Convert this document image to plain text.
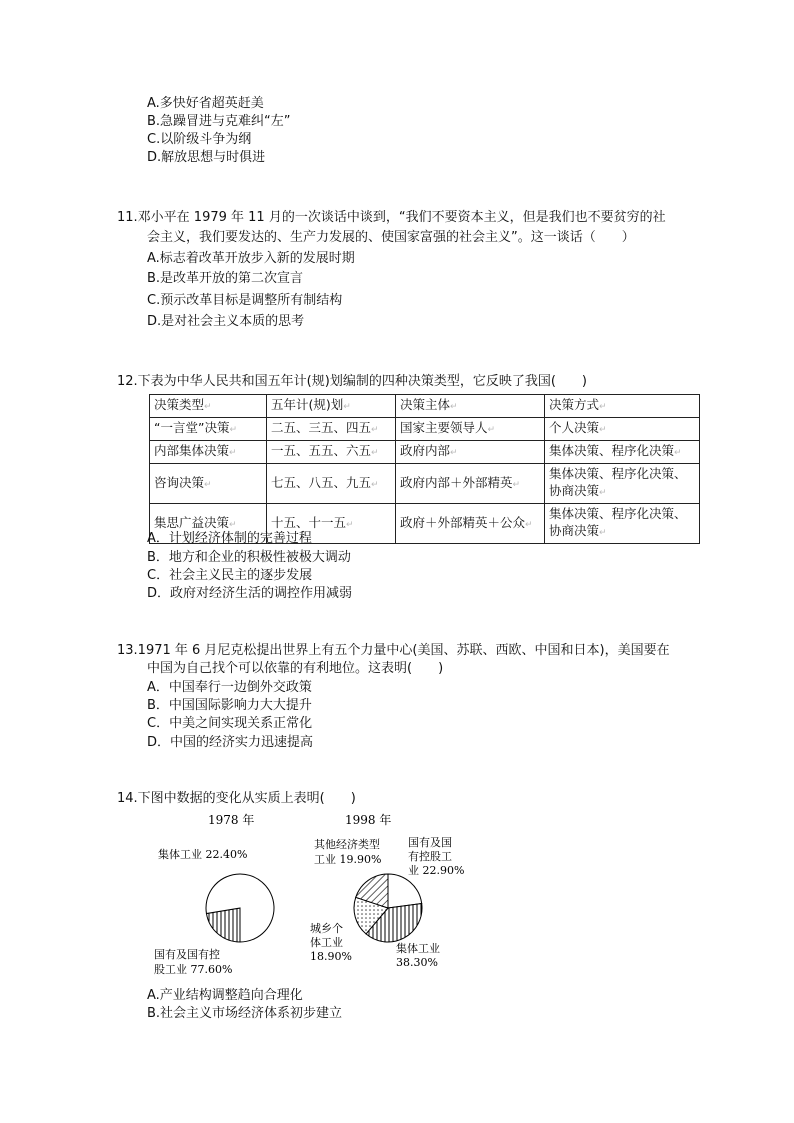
A.多快好省超英赶美
B.急躁冒进与克难纠“左”
C.以阶级斗争为纲
D.解放思想与时俱进
11.邓小平在 1979 年 11 月的一次谈话中谈到，“我们不要资本主义，但是我们也不要贫穷的社
会主义，我们要发达的、生产力发展的、使国家富强的社会主义”。这一谈话（　　）
A.标志着改革开放步入新的发展时期
B.是改革开放的第二次宣言
C.预示改革目标是调整所有制结构
D.是对社会主义本质的思考
12.下表为中华人民共和国五年计(规)划编制的四种决策类型，它反映了我国(　　)
决策类型↵	五年计(规)划↵	决策主体↵	决策方式↵
“一言堂”决策↵	二五、三五、四五↵	国家主要领导人↵	个人决策↵
内部集体决策↵	一五、五五、六五↵	政府内部↵	集体决策、程序化决策↵
咨询决策↵	七五、八五、九五↵	政府内部＋外部精英↵	集体决策、程序化决策、协商决策↵
集思广益决策↵	十五、十一五↵	政府＋外部精英＋公众↵	集体决策、程序化决策、协商决策↵
A．计划经济体制的完善过程
B．地方和企业的积极性被极大调动
C．社会主义民主的逐步发展
D．政府对经济生活的调控作用减弱
13.1971 年 6 月尼克松提出世界上有五个力量中心(美国、苏联、西欧、中国和日本)，美国要在
中国为自己找个可以依靠的有利地位。这表明(　　)
A．中国奉行一边倒外交政策
B．中国国际影响力大大提升
C．中美之间实现关系正常化
D．中国的经济实力迅速提高
14.下图中数据的变化从实质上表明(　　)
1978 年
集体工业 22.40%
国有及国有控
股工业 77.60%
1998 年
其他经济类型
工业 19.90%
国有及国
有控股工
业 22.90%
城乡个
体工业
18.90%
集体工业
38.30%
A.产业结构调整趋向合理化
B.社会主义市场经济体系初步建立
